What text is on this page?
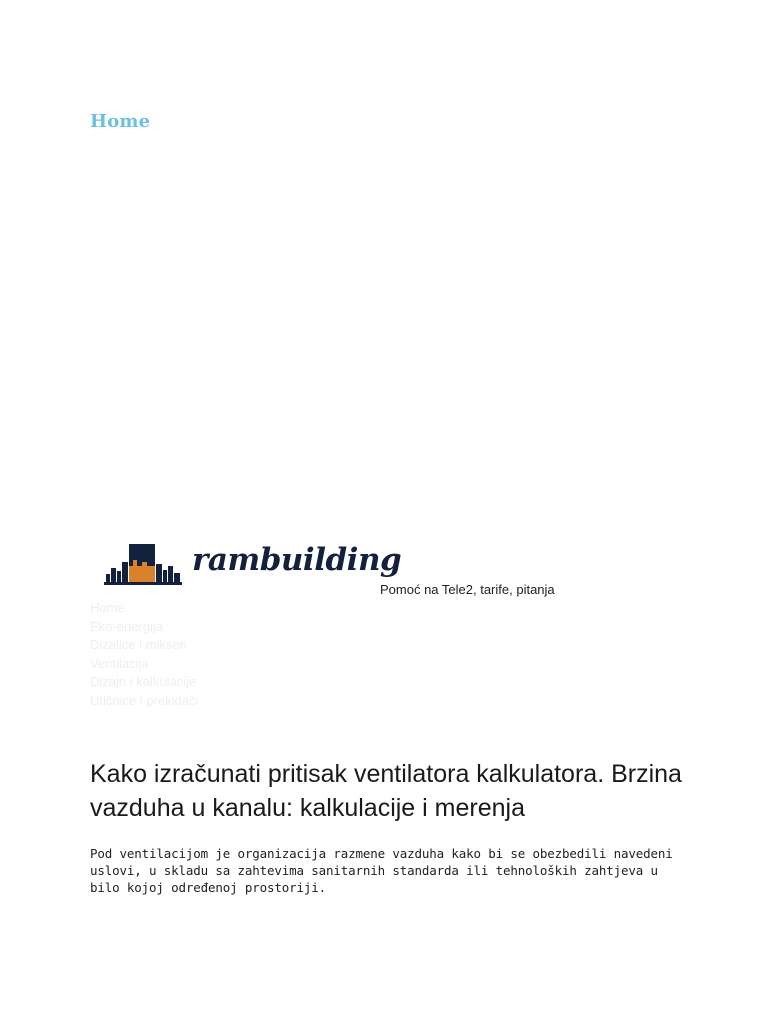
Home
rambuilding
Pomoć na Tele2, tarife, pitanja
Home
Eko-energija
Dizalice i mikseri
Ventilacija
Dizajn i kalkulacije
Utičnice i prekidači
Kako izračunati pritisak ventilatora kalkulatora. Brzina vazduha u kanalu: kalkulacije i merenja

Pod ventilacijom je organizacija razmene vazduha kako bi se obezbedili navedeni uslovi, u skladu sa zahtevima sanitarnih standarda ili tehnoloških zahtjeva u bilo kojoj određenoj prostoriji.
